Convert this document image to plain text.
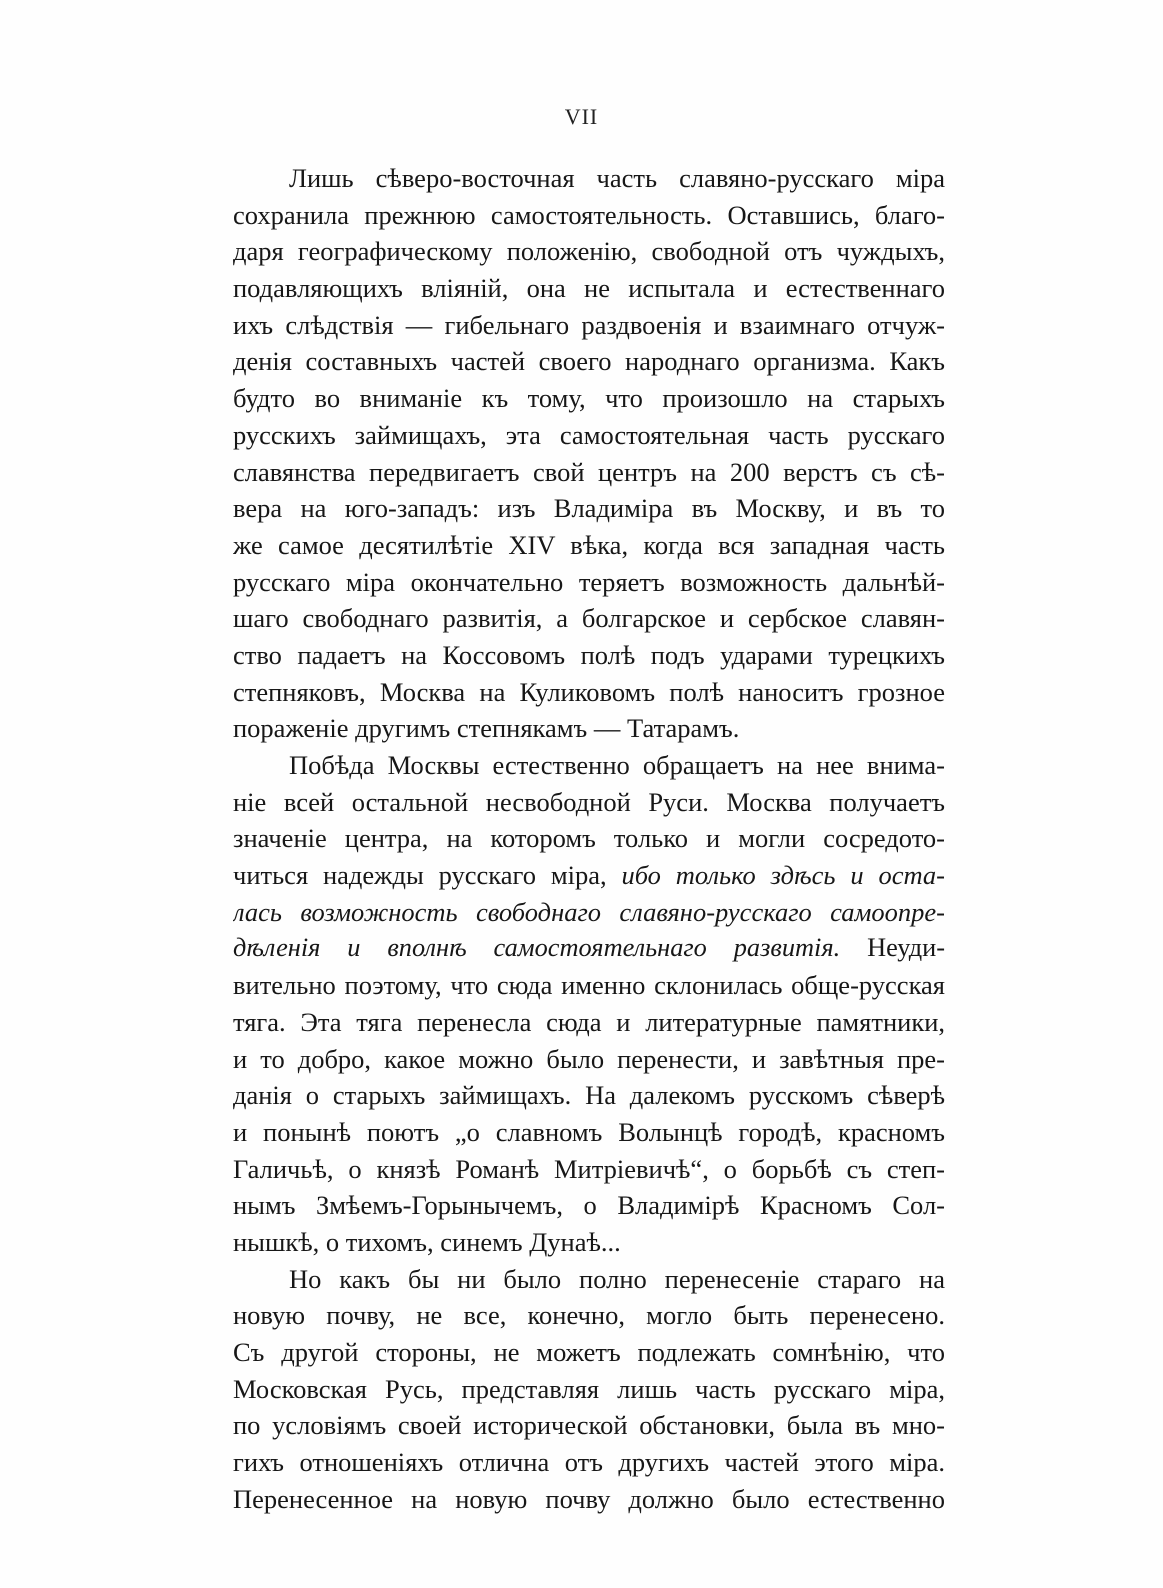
VII
Лишь сѣверо-восточная часть славяно-русскаго міра
сохранила прежнюю самостоятельность. Оставшись, благо-
даря географическому положенію, свободной отъ чуждыхъ,
подавляющихъ вліяній, она не испытала и естественнаго
ихъ слѣдствія — гибельнаго раздвоенія и взаимнаго отчуж-
денія составныхъ частей своего народнаго организма. Какъ
будто во вниманіе къ тому, что произошло на старыхъ
русскихъ займищахъ, эта самостоятельная часть русскаго
славянства передвигаетъ свой центръ на 200 верстъ съ сѣ-
вера на юго-западъ: изъ Владиміра въ Москву, и въ то
же самое десятилѣтіе XIV вѣка, когда вся западная часть
русскаго міра окончательно теряетъ возможность дальнѣй-
шаго свободнаго развитія, а болгарское и сербское славян-
ство падаетъ на Коссовомъ полѣ подъ ударами турецкихъ
степняковъ, Москва на Куликовомъ полѣ наноситъ грозное
пораженіе другимъ степнякамъ — Татарамъ.
Побѣда Москвы естественно обращаетъ на нее внима-
ніе всей остальной несвободной Руси. Москва получаетъ
значеніе центра, на которомъ только и могли сосредото-
читься надежды русскаго міра, ибо только здѣсь и оста-
лась возможность свободнаго славяно-русскаго самоопре-
дѣленія и вполнѣ самостоятельнаго развитія. Неуди-
вительно поэтому, что сюда именно склонилась обще-русская
тяга. Эта тяга перенесла сюда и литературные памятники,
и то добро, какое можно было перенести, и завѣтныя пре-
данія о старыхъ займищахъ. На далекомъ русскомъ сѣверѣ
и понынѣ поютъ „о славномъ Волынцѣ городѣ, красномъ
Галичьѣ, о князѣ Романѣ Митріевичѣ“, о борьбѣ съ степ-
нымъ Змѣемъ-Горынычемъ, о Владимірѣ Красномъ Сол-
нышкѣ, о тихомъ, синемъ Дунаѣ...
Но какъ бы ни было полно перенесеніе стараго на
новую почву, не все, конечно, могло быть перенесено.
Съ другой стороны, не можетъ подлежать сомнѣнію, что
Московская Русь, представляя лишь часть русскаго міра,
по условіямъ своей исторической обстановки, была въ мно-
гихъ отношеніяхъ отлична отъ другихъ частей этого міра.
Перенесенное на новую почву должно было естественно
